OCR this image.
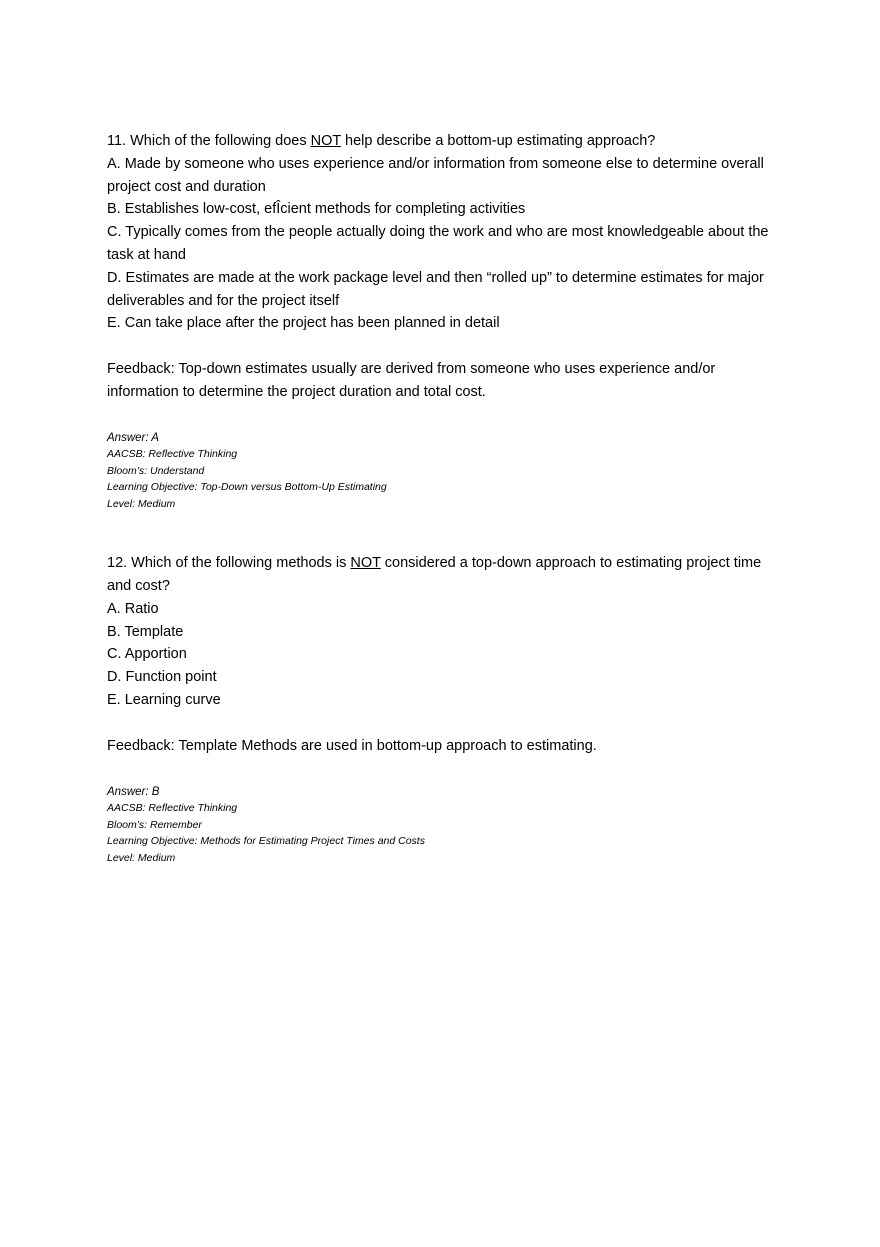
11. Which of the following does NOT help describe a bottom-up estimating approach?

A. Made by someone who uses experience and/or information from someone else to determine overall project cost and duration

B. Establishes low-cost, efÎcient methods for completing activities

C. Typically comes from the people actually doing the work and who are most knowledgeable about the task at hand

D. Estimates are made at the work package level and then “rolled up” to determine estimates for major deliverables and for the project itself

E. Can take place after the project has been planned in detail

Feedback: Top-down estimates usually are derived from someone who uses experience and/or information to determine the project duration and total cost.

Answer: A

AACSB: Reflective Thinking

Bloom’s: Understand

Learning Objective: Top-Down versus Bottom-Up Estimating

Level: Medium

12. Which of the following methods is NOT considered a top-down approach to estimating project time and cost?

A. Ratio

B. Template

C. Apportion

D. Function point

E. Learning curve

Feedback: Template Methods are used in bottom-up approach to estimating.

Answer: B

AACSB: Reflective Thinking

Bloom’s: Remember

Learning Objective: Methods for Estimating Project Times and Costs

Level: Medium
